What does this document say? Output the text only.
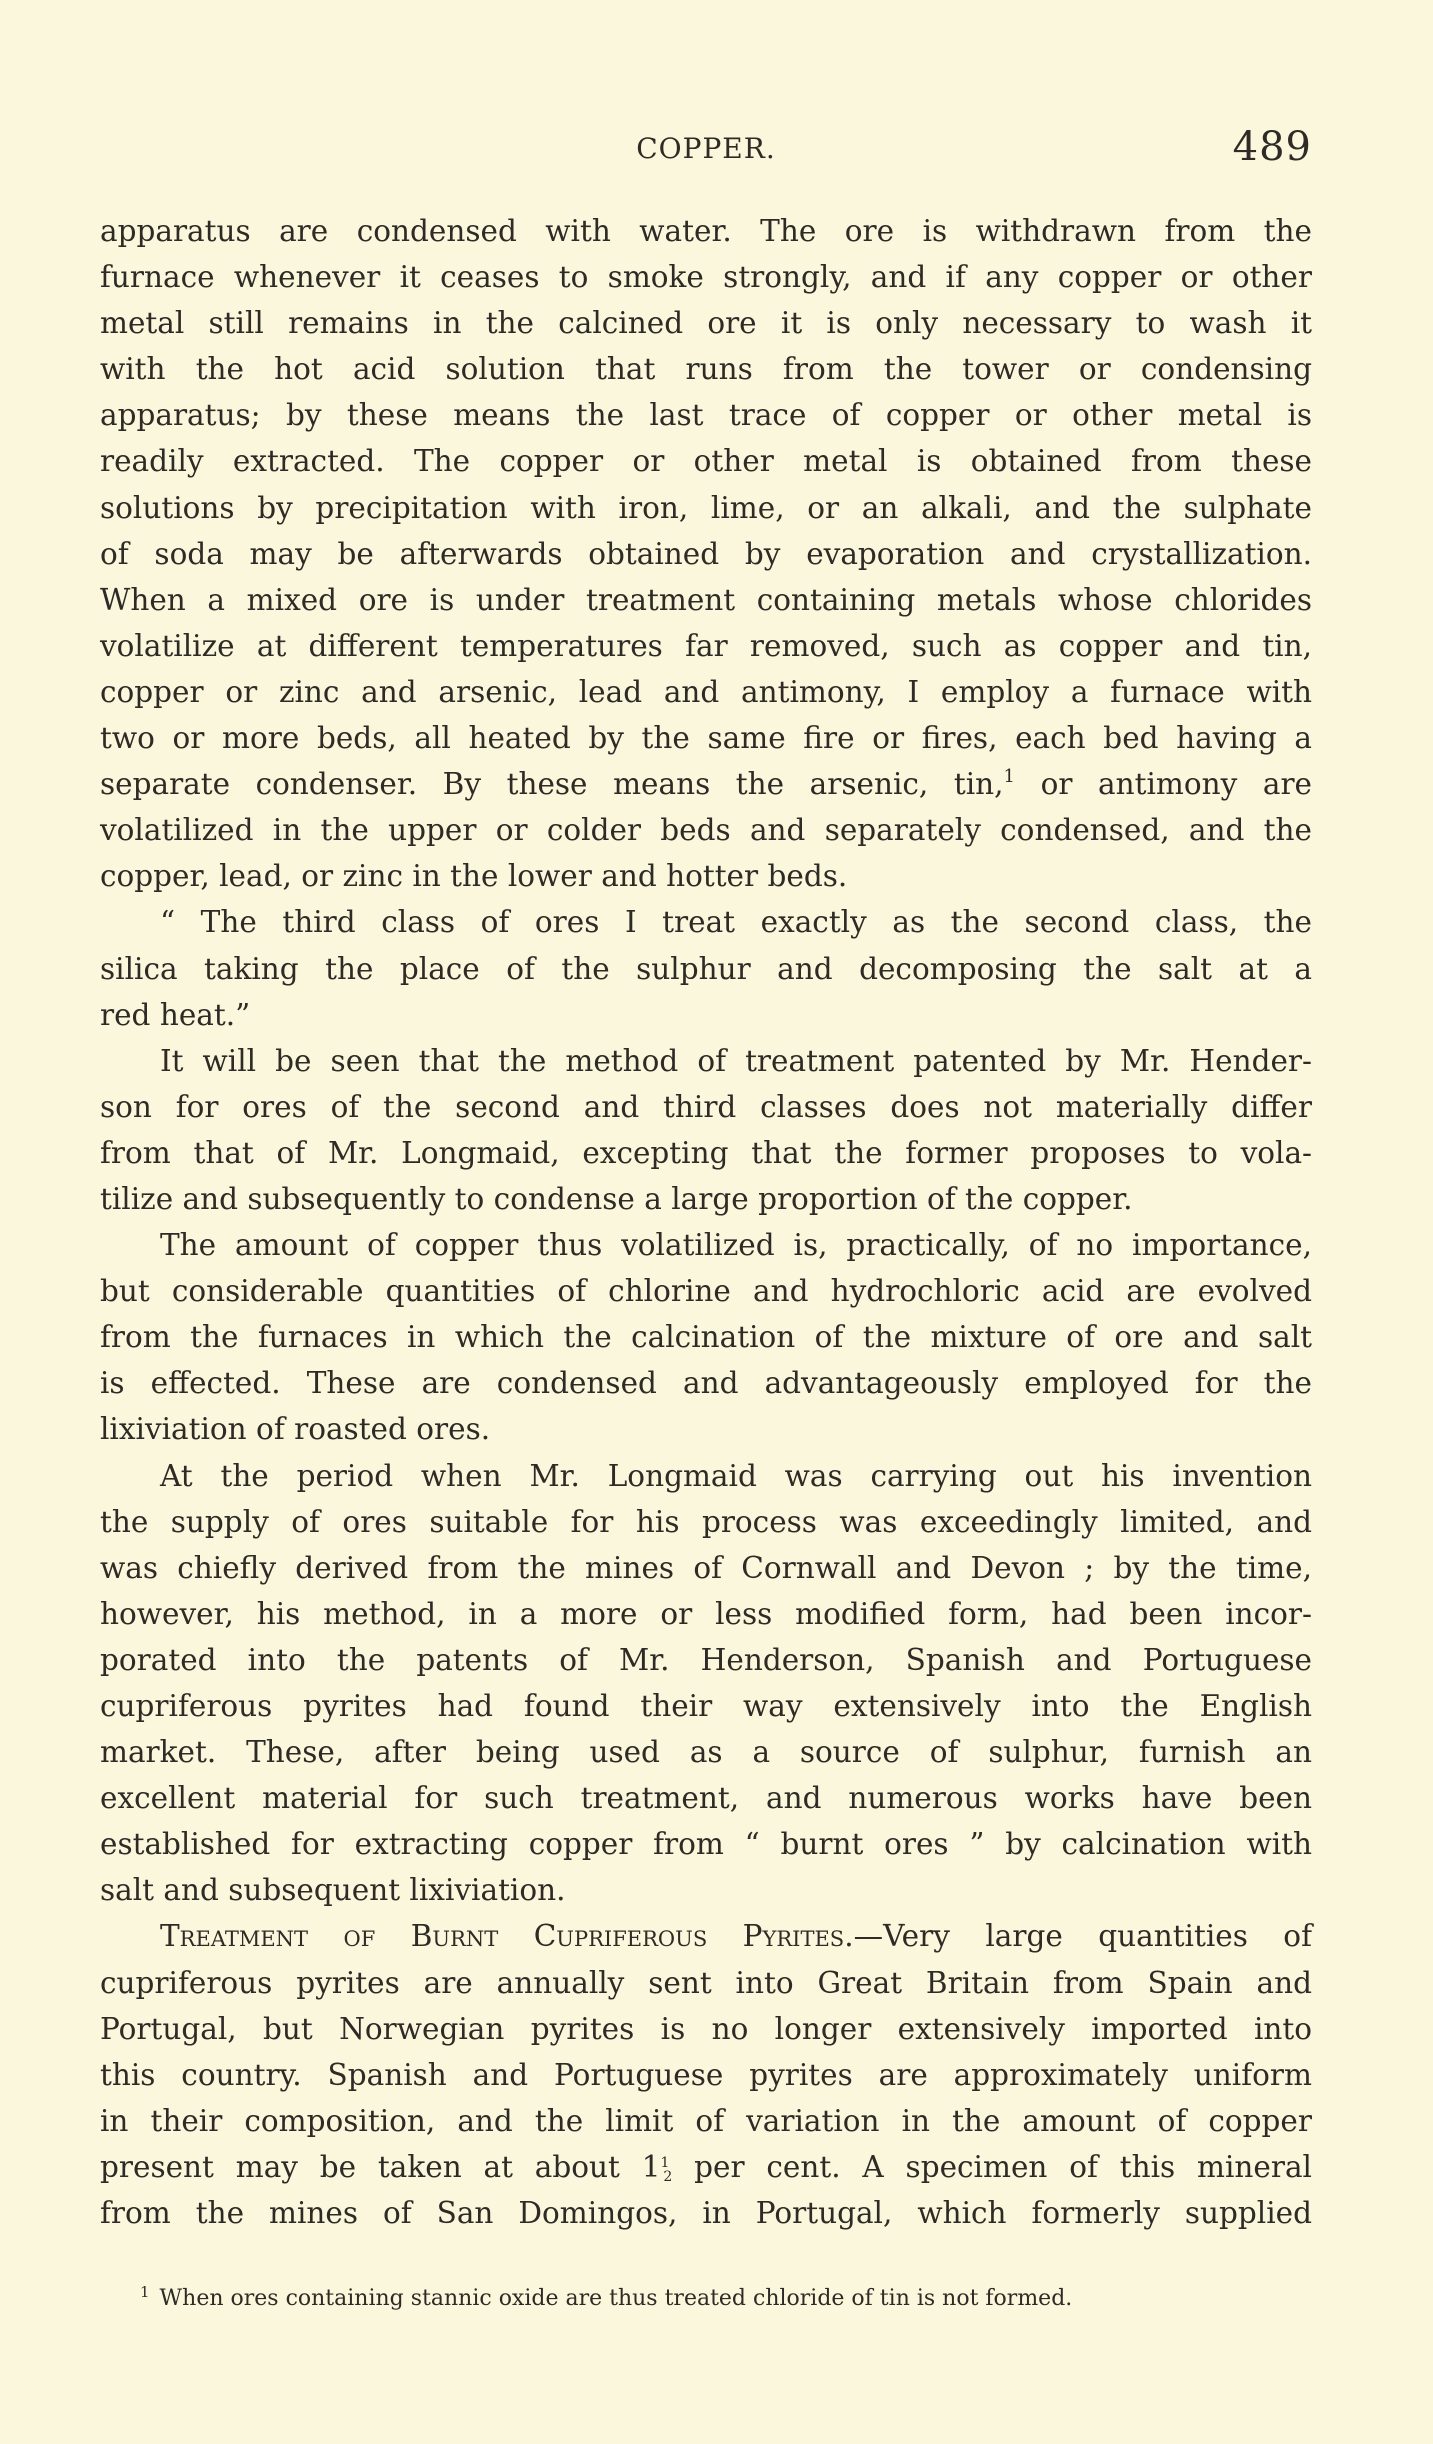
COPPER.	489
apparatus are condensed with water. The ore is withdrawn from the
furnace whenever it ceases to smoke strongly, and if any copper or other
metal still remains in the calcined ore it is only necessary to wash it
with the hot acid solution that runs from the tower or condensing
apparatus; by these means the last trace of copper or other metal is
readily extracted. The copper or other metal is obtained from these
solutions by precipitation with iron, lime, or an alkali, and the sulphate
of soda may be afterwards obtained by evaporation and crystallization.
When a mixed ore is under treatment containing metals whose chlorides
volatilize at different temperatures far removed, such as copper and tin,
copper or zinc and arsenic, lead and antimony, I employ a furnace with
two or more beds, all heated by the same fire or fires, each bed having a
separate condenser. By these means the arsenic, tin,$^1$ or antimony are
volatilized in the upper or colder beds and separately condensed, and the
copper, lead, or zinc in the lower and hotter beds.
“ The third class of ores I treat exactly as the second class, the
silica taking the place of the sulphur and decomposing the salt at a
red heat.”
It will be seen that the method of treatment patented by Mr. Hender-
son for ores of the second and third classes does not materially differ
from that of Mr. Longmaid, excepting that the former proposes to vola-
tilize and subsequently to condense a large proportion of the copper.
The amount of copper thus volatilized is, practically, of no importance,
but considerable quantities of chlorine and hydrochloric acid are evolved
from the furnaces in which the calcination of the mixture of ore and salt
is effected. These are condensed and advantageously employed for the
lixiviation of roasted ores.
At the period when Mr. Longmaid was carrying out his invention
the supply of ores suitable for his process was exceedingly limited, and
was chiefly derived from the mines of Cornwall and Devon ; by the time,
however, his method, in a more or less modified form, had been incor-
porated into the patents of Mr. Henderson, Spanish and Portuguese
cupriferous pyrites had found their way extensively into the English
market. These, after being used as a source of sulphur, furnish an
excellent material for such treatment, and numerous works have been
established for extracting copper from “ burnt ores ” by calcination with
salt and subsequent lixiviation.
Treatment of Burnt Cupriferous Pyrites.—Very large quantities of
cupriferous pyrites are annually sent into Great Britain from Spain and
Portugal, but Norwegian pyrites is no longer extensively imported into
this country. Spanish and Portuguese pyrites are approximately uniform
in their composition, and the limit of variation in the amount of copper
present may be taken at about $1^12$ per cent. A specimen of this mineral
from the mines of San Domingos, in Portugal, which formerly supplied
$^1$ When ores containing stannic oxide are thus treated chloride of tin is not formed.
